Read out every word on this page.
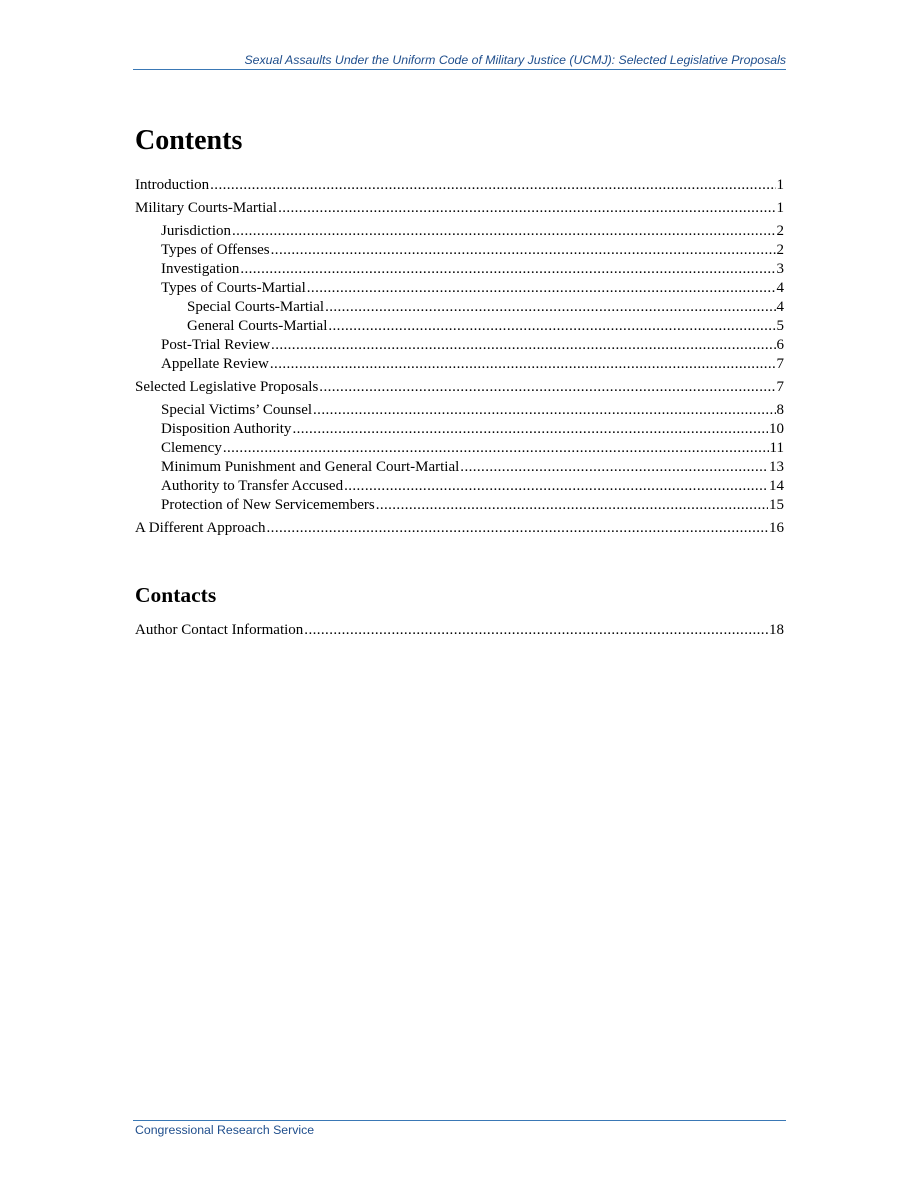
Sexual Assaults Under the Uniform Code of Military Justice (UCMJ): Selected Legislative Proposals
Contents
Introduction .....	1
Military Courts-Martial .....	1
Jurisdiction .....	2
Types of Offenses .....	2
Investigation .....	3
Types of Courts-Martial .....	4
Special Courts-Martial .....	4
General Courts-Martial .....	5
Post-Trial Review .....	6
Appellate Review .....	7
Selected Legislative Proposals .....	7
Special Victims’ Counsel .....	8
Disposition Authority .....	10
Clemency .....	11
Minimum Punishment and General Court-Martial .....	13
Authority to Transfer Accused .....	14
Protection of New Servicemembers .....	15
A Different Approach .....	16
Contacts
Author Contact Information .....	18
Congressional Research Service
